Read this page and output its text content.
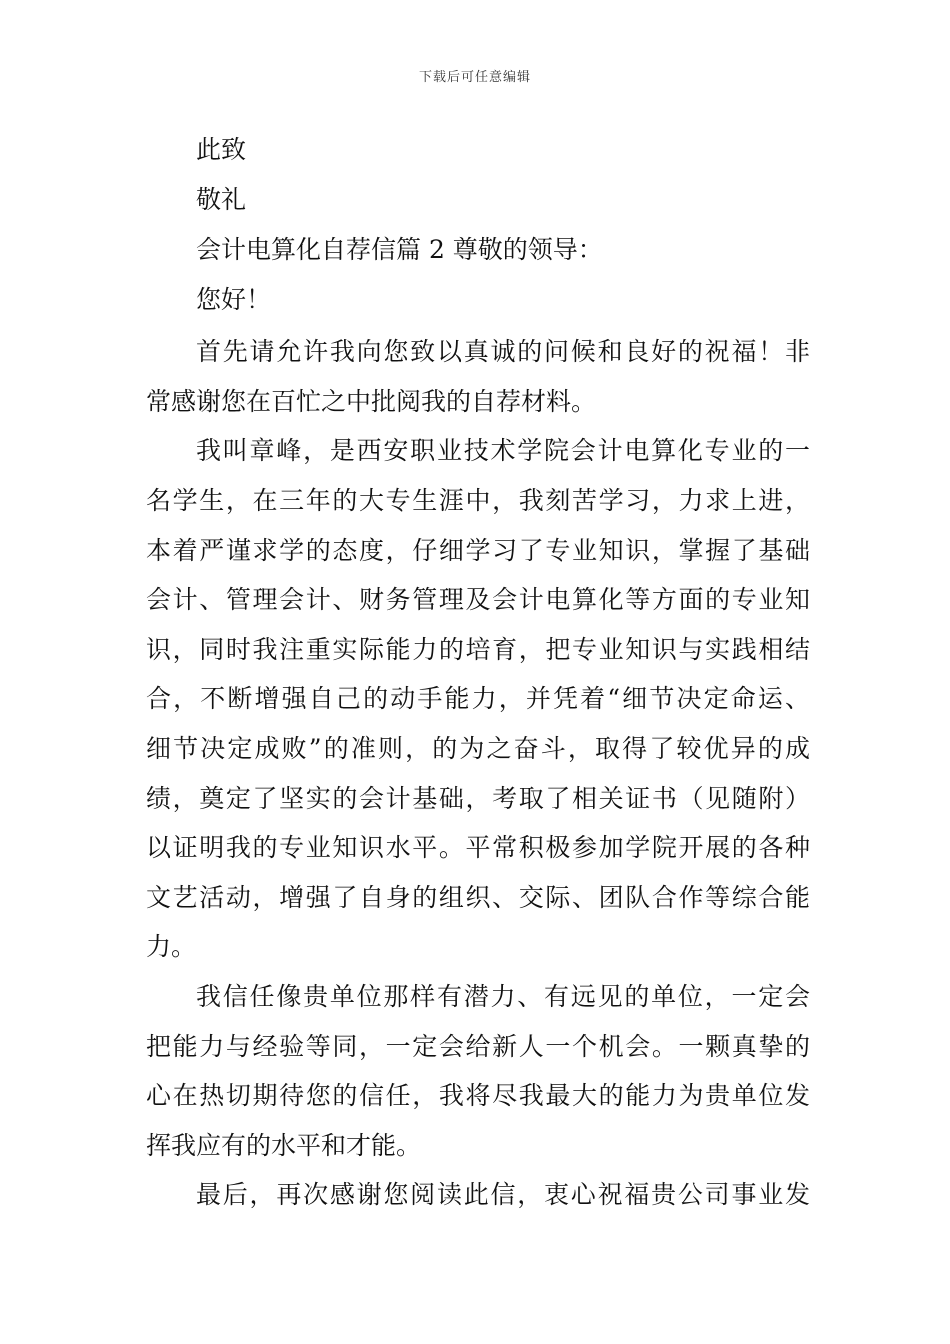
下载后可任意编辑
此致
敬礼
会计电算化自荐信篇 2 尊敬的领导：
您好！
首先请允许我向您致以真诚的问候和良好的祝福！非
常感谢您在百忙之中批阅我的自荐材料。
我叫章峰，是西安职业技术学院会计电算化专业的一
名学生，在三年的大专生涯中，我刻苦学习，力求上进，
本着严谨求学的态度，仔细学习了专业知识，掌握了基础
会计、管理会计、财务管理及会计电算化等方面的专业知
识，同时我注重实际能力的培育，把专业知识与实践相结
合，不断增强自己的动手能力，并凭着“细节决定命运、
细节决定成败”的准则，的为之奋斗，取得了较优异的成
绩，奠定了坚实的会计基础，考取了相关证书（见随附）
以证明我的专业知识水平。平常积极参加学院开展的各种
文艺活动，增强了自身的组织、交际、团队合作等综合能
力。
我信任像贵单位那样有潜力、有远见的单位，一定会
把能力与经验等同，一定会给新人一个机会。一颗真挚的
心在热切期待您的信任，我将尽我最大的能力为贵单位发
挥我应有的水平和才能。
最后，再次感谢您阅读此信，衷心祝福贵公司事业发
